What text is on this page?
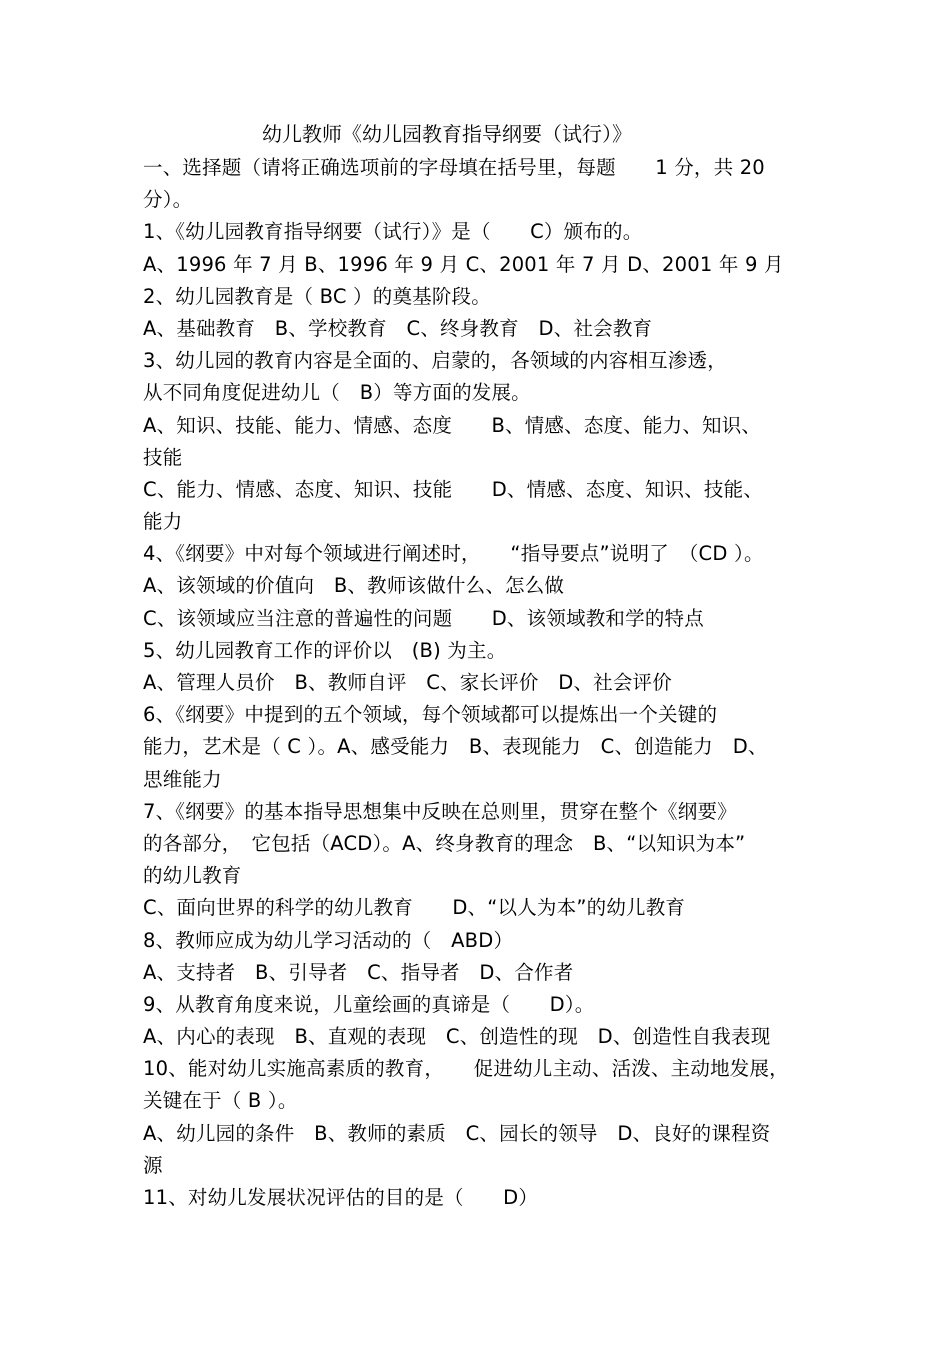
幼儿教师《幼儿园教育指导纲要（试行）》
一、选择题（请将正确选项前的字母填在括号里，每题　　1 分，共 20
分）。
1、《幼儿园教育指导纲要（试行）》是（　　C）颁布的。
A、1996 年 7 月 B、1996 年 9 月 C、2001 年 7 月 D、2001 年 9 月
2、幼儿园教育是（ BC ）的奠基阶段。
A、基础教育　B、学校教育　C、终身教育　D、社会教育
3、幼儿园的教育内容是全面的、启蒙的，各领域的内容相互渗透，
从不同角度促进幼儿（　B）等方面的发展。
A、知识、技能、能力、情感、态度　　B、情感、态度、能力、知识、
技能
C、能力、情感、态度、知识、技能　　D、情感、态度、知识、技能、
能力
4、《纲要》中对每个领域进行阐述时，　　“指导要点”说明了　（CD ）。
A、该领域的价值向　B、教师该做什么、怎么做
C、该领域应当注意的普遍性的问题　　D、该领域教和学的特点
5、幼儿园教育工作的评价以　(B) 为主。
A、管理人员价　B、教师自评　C、家长评价　D、社会评价
6、《纲要》中提到的五个领域，每个领域都可以提炼出一个关键的
能力，艺术是（ C ）。A、感受能力　B、表现能力　C、创造能力　D、
思维能力
7、《纲要》的基本指导思想集中反映在总则里，贯穿在整个《纲要》
的各部分，　它包括（ACD）。A、终身教育的理念　B、“以知识为本”
的幼儿教育
C、面向世界的科学的幼儿教育　　D、“以人为本”的幼儿教育
8、教师应成为幼儿学习活动的（　ABD）
A、支持者　B、引导者　C、指导者　D、合作者
9、从教育角度来说，儿童绘画的真谛是（　　D）。
A、内心的表现　B、直观的表现　C、创造性的现　D、创造性自我表现
10、能对幼儿实施高素质的教育，　　促进幼儿主动、活泼、主动地发展，
关键在于（ B ）。
A、幼儿园的条件　B、教师的素质　C、园长的领导　D、良好的课程资
源
11、对幼儿发展状况评估的目的是（　　D）
